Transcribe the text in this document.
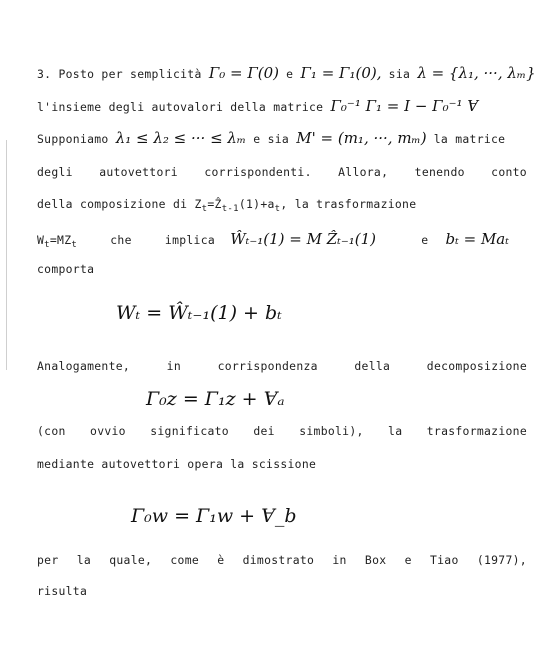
3. Posto per semplicità Γ₀ = Γ(0) e Γ₁ = Γ₁(0), sia λ = {λ₁, ···, λₘ}
l'insieme degli autovalori della matrice Γ₀⁻¹ Γ₁ = I − Γ₀⁻¹ Ɐ
Supponiamo λ₁ ≤ λ₂ ≤ ··· ≤ λₘ e sia M' = (m₁, ···, mₘ) la matrice
degli autovettori corrispondenti. Allora, tenendo conto
della composizione di $Z_t=Ẑ_{t-1}(1)+a_t$, la trasformazione
$W_t=MZ_t$	che	implica Ŵₜ₋₁(1) = M Ẑₜ₋₁(1)	e bₜ = Maₜ
comporta
Wₜ = Ŵₜ₋₁(1) + bₜ
Analogamente,	in	corrispondenza	della	decomposizione
Γ₀z = Γ₁z + Ɐₐ
(con ovvio significato dei simboli), la trasformazione
mediante autovettori opera la scissione
Γ₀w = Γ₁w + Ɐ_b
per la quale, come è dimostrato in Box e Tiao (1977),
risulta
